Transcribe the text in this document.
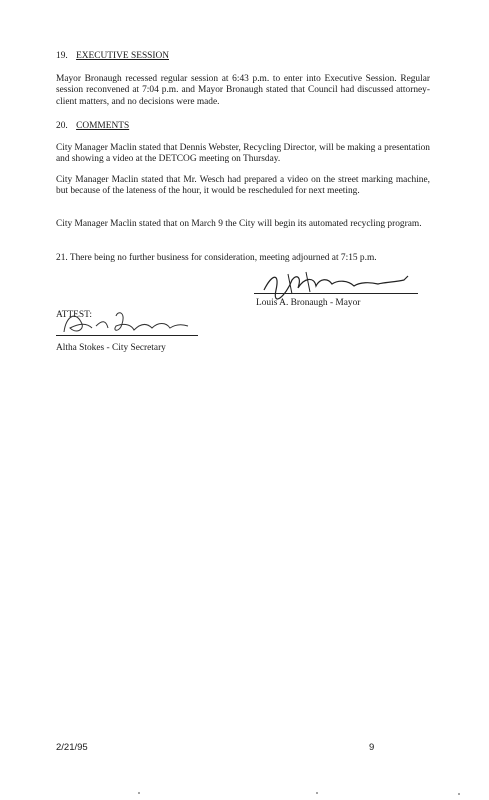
19. EXECUTIVE SESSION
Mayor Bronaugh recessed regular session at 6:43 p.m. to enter into Executive Session. Regular session reconvened at 7:04 p.m. and Mayor Bronaugh stated that Council had discussed attorney-client matters, and no decisions were made.
20. COMMENTS
City Manager Maclin stated that Dennis Webster, Recycling Director, will be making a presentation and showing a video at the DETCOG meeting on Thursday.
City Manager Maclin stated that Mr. Wesch had prepared a video on the street marking machine, but because of the lateness of the hour, it would be rescheduled for next meeting.
City Manager Maclin stated that on March 9 the City will begin its automated recycling program.
21. There being no further business for consideration, meeting adjourned at 7:15 p.m.
Louis A. Bronaugh - Mayor
ATTEST:
Altha Stokes - City Secretary
2/21/95	9
